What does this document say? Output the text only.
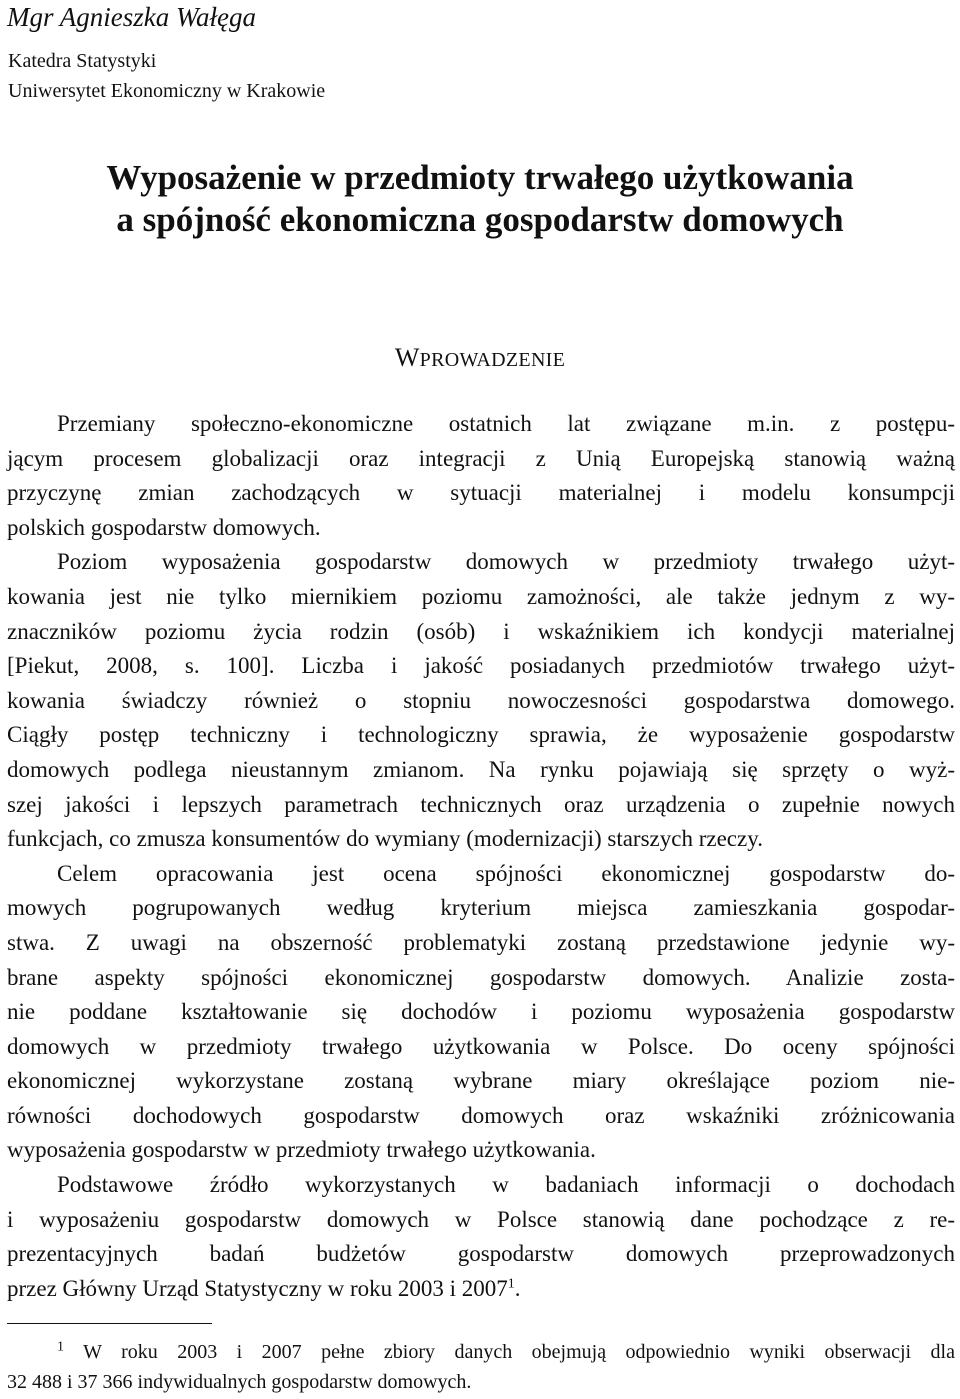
Mgr Agnieszka Wałęga
Katedra Statystyki
Uniwersytet Ekonomiczny w Krakowie
Wyposażenie w przedmioty trwałego użytkowania
a spójność ekonomiczna gospodarstw domowych
WPROWADZENIE
Przemiany społeczno-ekonomiczne ostatnich lat związane m.in. z postępu-
jącym procesem globalizacji oraz integracji z Unią Europejską stanowią ważną
przyczynę zmian zachodzących w sytuacji materialnej i modelu konsumpcji
polskich gospodarstw domowych.
Poziom wyposażenia gospodarstw domowych w przedmioty trwałego użyt-
kowania jest nie tylko miernikiem poziomu zamożności, ale także jednym z wy-
znaczników poziomu życia rodzin (osób) i wskaźnikiem ich kondycji materialnej
[Piekut, 2008, s. 100]. Liczba i jakość posiadanych przedmiotów trwałego użyt-
kowania świadczy również o stopniu nowoczesności gospodarstwa domowego.
Ciągły postęp techniczny i technologiczny sprawia, że wyposażenie gospodarstw
domowych podlega nieustannym zmianom. Na rynku pojawiają się sprzęty o wyż-
szej jakości i lepszych parametrach technicznych oraz urządzenia o zupełnie nowych
funkcjach, co zmusza konsumentów do wymiany (modernizacji) starszych rzeczy.
Celem opracowania jest ocena spójności ekonomicznej gospodarstw do-
mowych pogrupowanych według kryterium miejsca zamieszkania gospodar-
stwa. Z uwagi na obszerność problematyki zostaną przedstawione jedynie wy-
brane aspekty spójności ekonomicznej gospodarstw domowych. Analizie zosta-
nie poddane kształtowanie się dochodów i poziomu wyposażenia gospodarstw
domowych w przedmioty trwałego użytkowania w Polsce. Do oceny spójności
ekonomicznej wykorzystane zostaną wybrane miary określające poziom nie-
równości dochodowych gospodarstw domowych oraz wskaźniki zróżnicowania
wyposażenia gospodarstw w przedmioty trwałego użytkowania.
Podstawowe źródło wykorzystanych w badaniach informacji o dochodach
i wyposażeniu gospodarstw domowych w Polsce stanowią dane pochodzące z re-
prezentacyjnych badań budżetów gospodarstw domowych przeprowadzonych
przez Główny Urząd Statystyczny w roku 2003 i 2007$^1$.
$^1$ W roku 2003 i 2007 pełne zbiory danych obejmują odpowiednio wyniki obserwacji dla
32 488 i 37 366 indywidualnych gospodarstw domowych.
